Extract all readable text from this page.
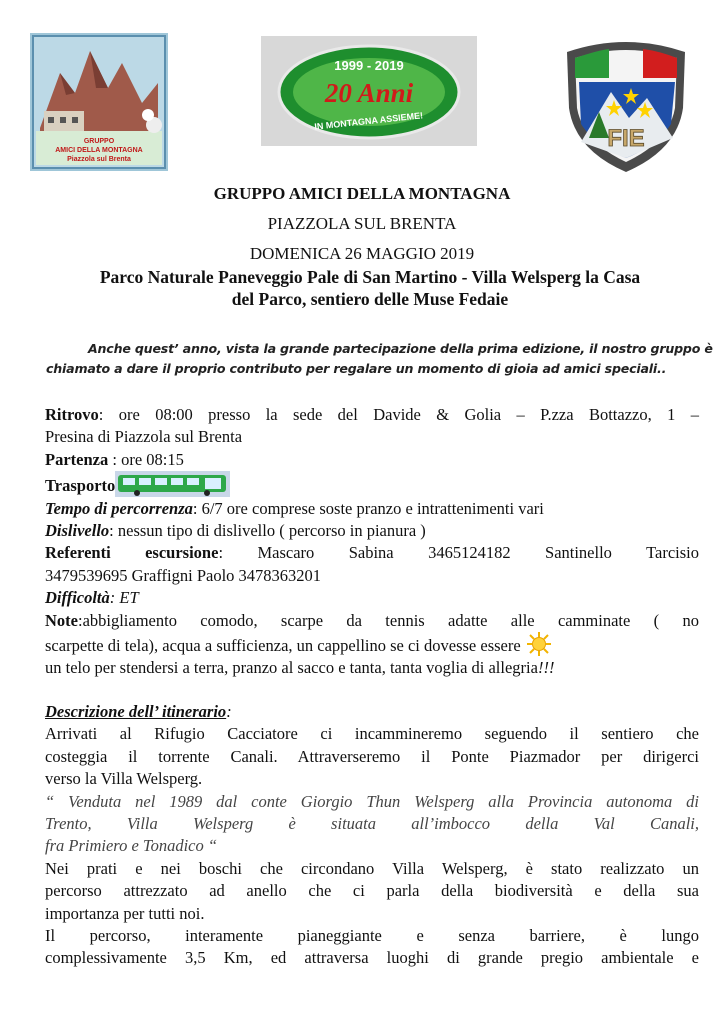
GRUPPO
AMICI DELLA MONTAGNA
Piazzola sul Brenta
1999 - 2019
20 Anni
IN MONTAGNA ASSIEME!
FIE
GRUPPO AMICI DELLA MONTAGNA
PIAZZOLA SUL BRENTA
DOMENICA 26 MAGGIO 2019
Parco Naturale Paneveggio Pale di San Martino - Villa Welsperg la Casa
del Parco, sentiero delle Muse Fedaie
Anche quest’ anno, vista la grande partecipazione della prima edizione, il nostro gruppo è
chiamato a dare il proprio contributo per regalare un momento di gioia ad amici speciali..
Ritrovo: ore 08:00 presso la sede del Davide & Golia – P.zza Bottazzo, 1 –
Presina di Piazzola sul Brenta
Partenza : ore 08:15
Trasporto
Tempo di percorrenza: 6/7 ore comprese soste pranzo e intrattenimenti vari
Dislivello: nessun tipo di dislivello ( percorso in pianura )
Referenti escursione: Mascaro Sabina 3465124182 Santinello Tarcisio
3479539695 Graffigni Paolo 3478363201
Difficoltà: ET
Note:abbigliamento comodo, scarpe da tennis adatte alle camminate ( no
scarpette di tela), acqua a sufficienza, un cappellino se ci dovesse essere
un telo per stendersi a terra, pranzo al sacco e tanta, tanta voglia di allegria!!!
Descrizione dell’ itinerario:
Arrivati al Rifugio Cacciatore ci incammineremo seguendo il sentiero che
costeggia il torrente Canali. Attraverseremo il Ponte Piazmador per dirigerci
verso la Villa Welsperg.
“ Venduta nel 1989 dal conte Giorgio Thun Welsperg alla Provincia autonoma di
Trento, Villa Welsperg è situata all’imbocco della Val Canali,
fra Primiero e Tonadico “
Nei prati e nei boschi che circondano Villa Welsperg, è stato realizzato un
percorso attrezzato ad anello che ci parla della biodiversità e della sua
importanza per tutti noi.
Il percorso, interamente pianeggiante e senza barriere, è lungo
complessivamente 3,5 Km, ed attraversa luoghi di grande pregio ambientale e
